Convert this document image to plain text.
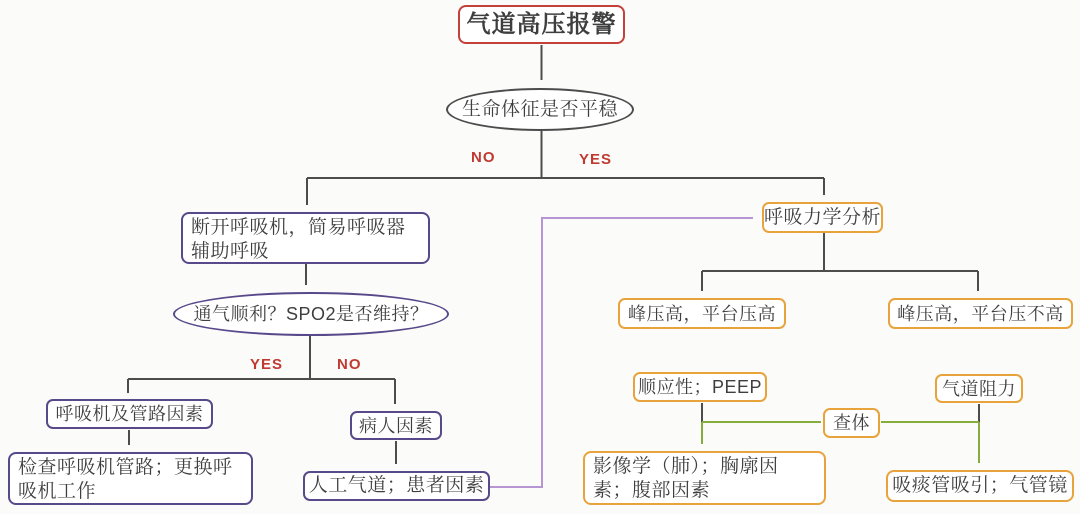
气道高压报警
生命体征是否平稳
断开呼吸机，简易呼吸器辅助呼吸
通气顺利？SPO2是否维持？
呼吸机及管路因素
检查呼吸机管路；更换呼吸机工作
病人因素
人工气道；患者因素
呼吸力学分析
峰压高，平台压高	峰压高，平台压不高
顺应性；PEEP	气道阻力
查体
影像学（肺）；胸廓因素；腹部因素	吸痰管吸引；气管镜
NO	YES
YES	NO
